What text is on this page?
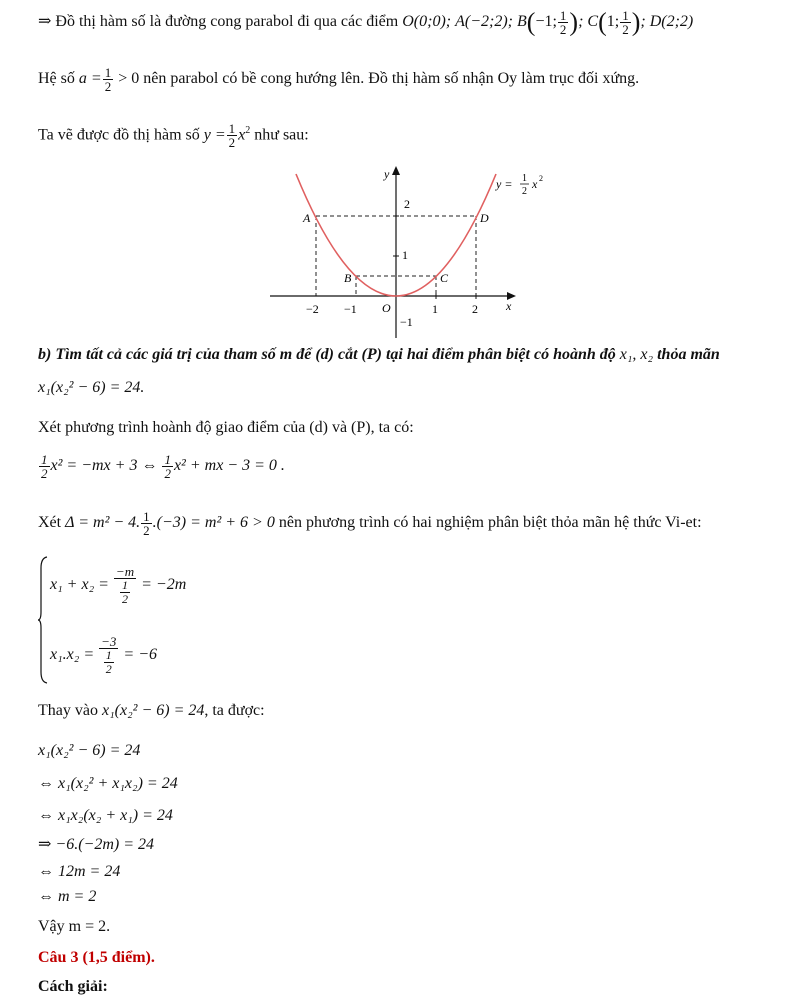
⇒ Đồ thị hàm số là đường cong parabol đi qua các điểm O(0;0); A(−2;2); B(−1; $\frac{1}{2}$ ); C(1; $\frac{1}{2}$ ); D(2;2)
Hệ số $a = \frac{1}{2} > 0$ nên parabol có bề cong hướng lên. Đồ thị hàm số nhận Oy làm trục đối xứng.
Ta vẽ được đồ thị hàm số $y = \frac{1}{2} x^2$ như sau:
y
x
O
−2 −1	1	2
2
1
−1
A
B	C
D
y = 1
2
x 2
b) Tìm tất cả các giá trị của tham số m để (d) cắt (P) tại hai điểm phân biệt có hoành độ x₁, x₂ thỏa mãn
x₁(x₂² − 6) = 24.
Xét phương trình hoành độ giao điểm của (d) và (P), ta có:
$\frac{1}{2} x^2 = -mx + 3$ ⇔ $\frac{1}{2} x^2$ + mx − 3 = 0 .
Xét Δ = m² − 4. $\frac{1}{2} .(-3) = m^2 + 6 > 0$ nên phương trình có hai nghiệm phân biệt thỏa mãn hệ thức Vi-et:
$x_1 + x_2 = \frac{-m}{\frac{1}{2}} = -2m$
$x_1.x_2 = \frac{-3}{\frac{1}{2}} = -6$
Thay vào x₁(x₂² − 6) = 24, ta được:
x₁(x₂² − 6) = 24
⇔ x₁(x₂² + x₁x₂) = 24
⇔ x₁x₂(x₂ + x₁) = 24
⇒ −6.(−2m) = 24
⇔ 12m = 24
⇔ m = 2
Vậy m = 2.
Câu 3 (1,5 điểm).
Cách giải:
